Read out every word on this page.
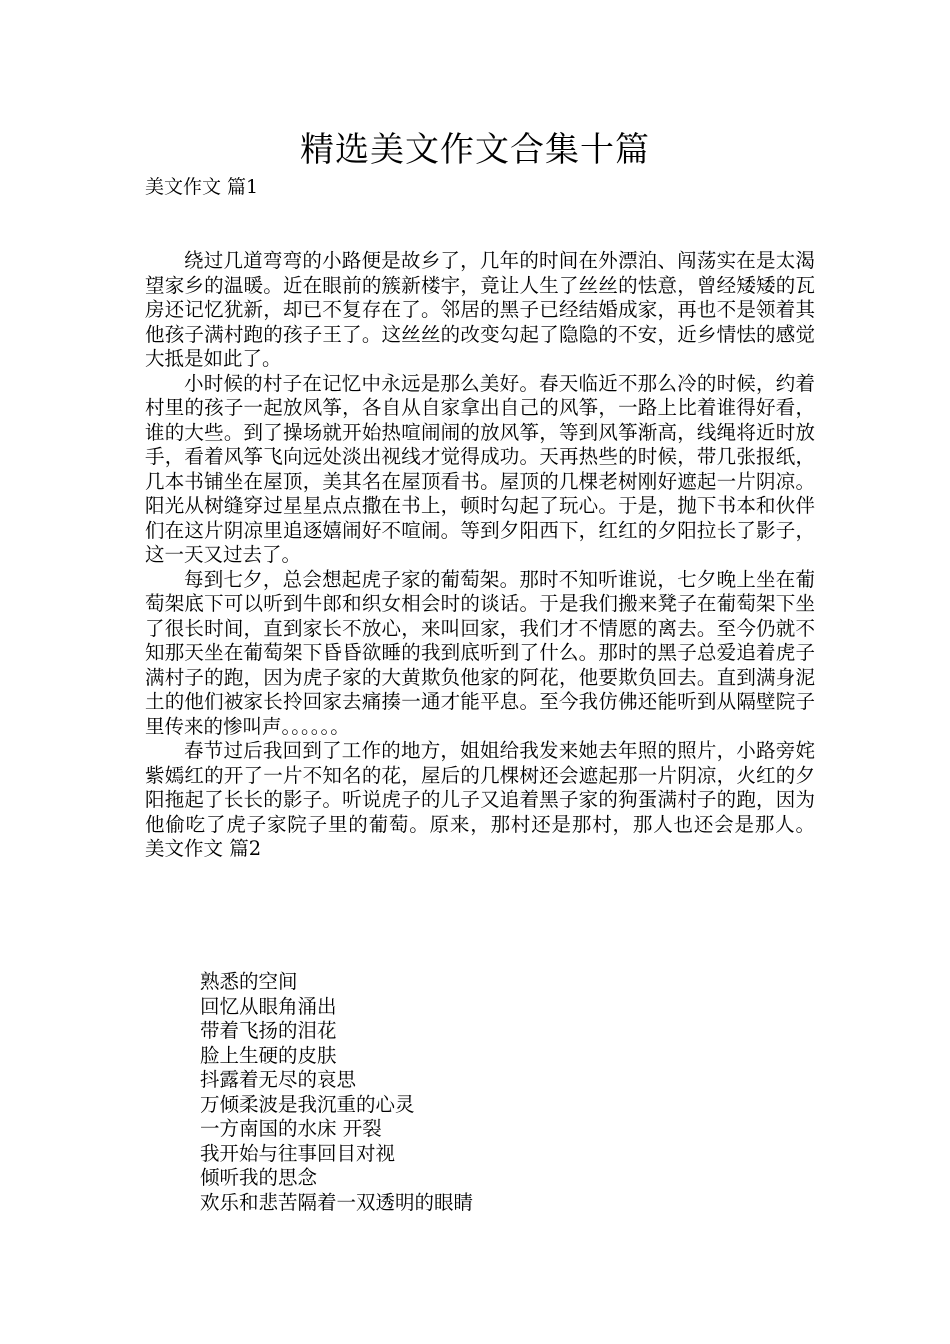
精选美文作文合集十篇
美文作文 篇1

绕过几道弯弯的小路便是故乡了，几年的时间在外漂泊、闯荡实在是太渴望家乡的温暖。近在眼前的簇新楼宇，竟让人生了丝丝的怯意，曾经矮矮的瓦房还记忆犹新，却已不复存在了。邻居的黑子已经结婚成家，再也不是领着其他孩子满村跑的孩子王了。这丝丝的改变勾起了隐隐的不安，近乡情怯的感觉大抵是如此了。

小时候的村子在记忆中永远是那么美好。春天临近不那么冷的时候，约着村里的孩子一起放风筝，各自从自家拿出自己的风筝，一路上比着谁得好看，谁的大些。到了操场就开始热喧闹闹的放风筝，等到风筝渐高，线绳将近时放手，看着风筝飞向远处淡出视线才觉得成功。天再热些的时候，带几张报纸，几本书铺坐在屋顶，美其名在屋顶看书。屋顶的几棵老树刚好遮起一片阴凉。阳光从树缝穿过星星点点撒在书上，顿时勾起了玩心。于是，抛下书本和伙伴们在这片阴凉里追逐嬉闹好不喧闹。等到夕阳西下，红红的夕阳拉长了影子，这一天又过去了。

每到七夕，总会想起虎子家的葡萄架。那时不知听谁说，七夕晚上坐在葡萄架底下可以听到牛郎和织女相会时的谈话。于是我们搬来凳子在葡萄架下坐了很长时间，直到家长不放心，来叫回家，我们才不情愿的离去。至今仍就不知那天坐在葡萄架下昏昏欲睡的我到底听到了什么。那时的黑子总爱追着虎子满村子的跑，因为虎子家的大黄欺负他家的阿花，他要欺负回去。直到满身泥土的他们被家长拎回家去痛揍一通才能平息。至今我仿佛还能听到从隔壁院子里传来的惨叫声。。。。。。

春节过后我回到了工作的地方，姐姐给我发来她去年照的照片，小路旁姹紫嫣红的开了一片不知名的花，屋后的几棵树还会遮起那一片阴凉，火红的夕阳拖起了长长的影子。听说虎子的儿子又追着黑子家的狗蛋满村子的跑，因为他偷吃了虎子家院子里的葡萄。原来，那村还是那村，那人也还会是那人。美文作文 篇2

熟悉的空间
回忆从眼角涌出
带着飞扬的泪花
脸上生硬的皮肤
抖露着无尽的哀思
万倾柔波是我沉重的心灵
一方南国的水床 开裂
我开始与往事回目对视
倾听我的思念
欢乐和悲苦隔着一双透明的眼睛
